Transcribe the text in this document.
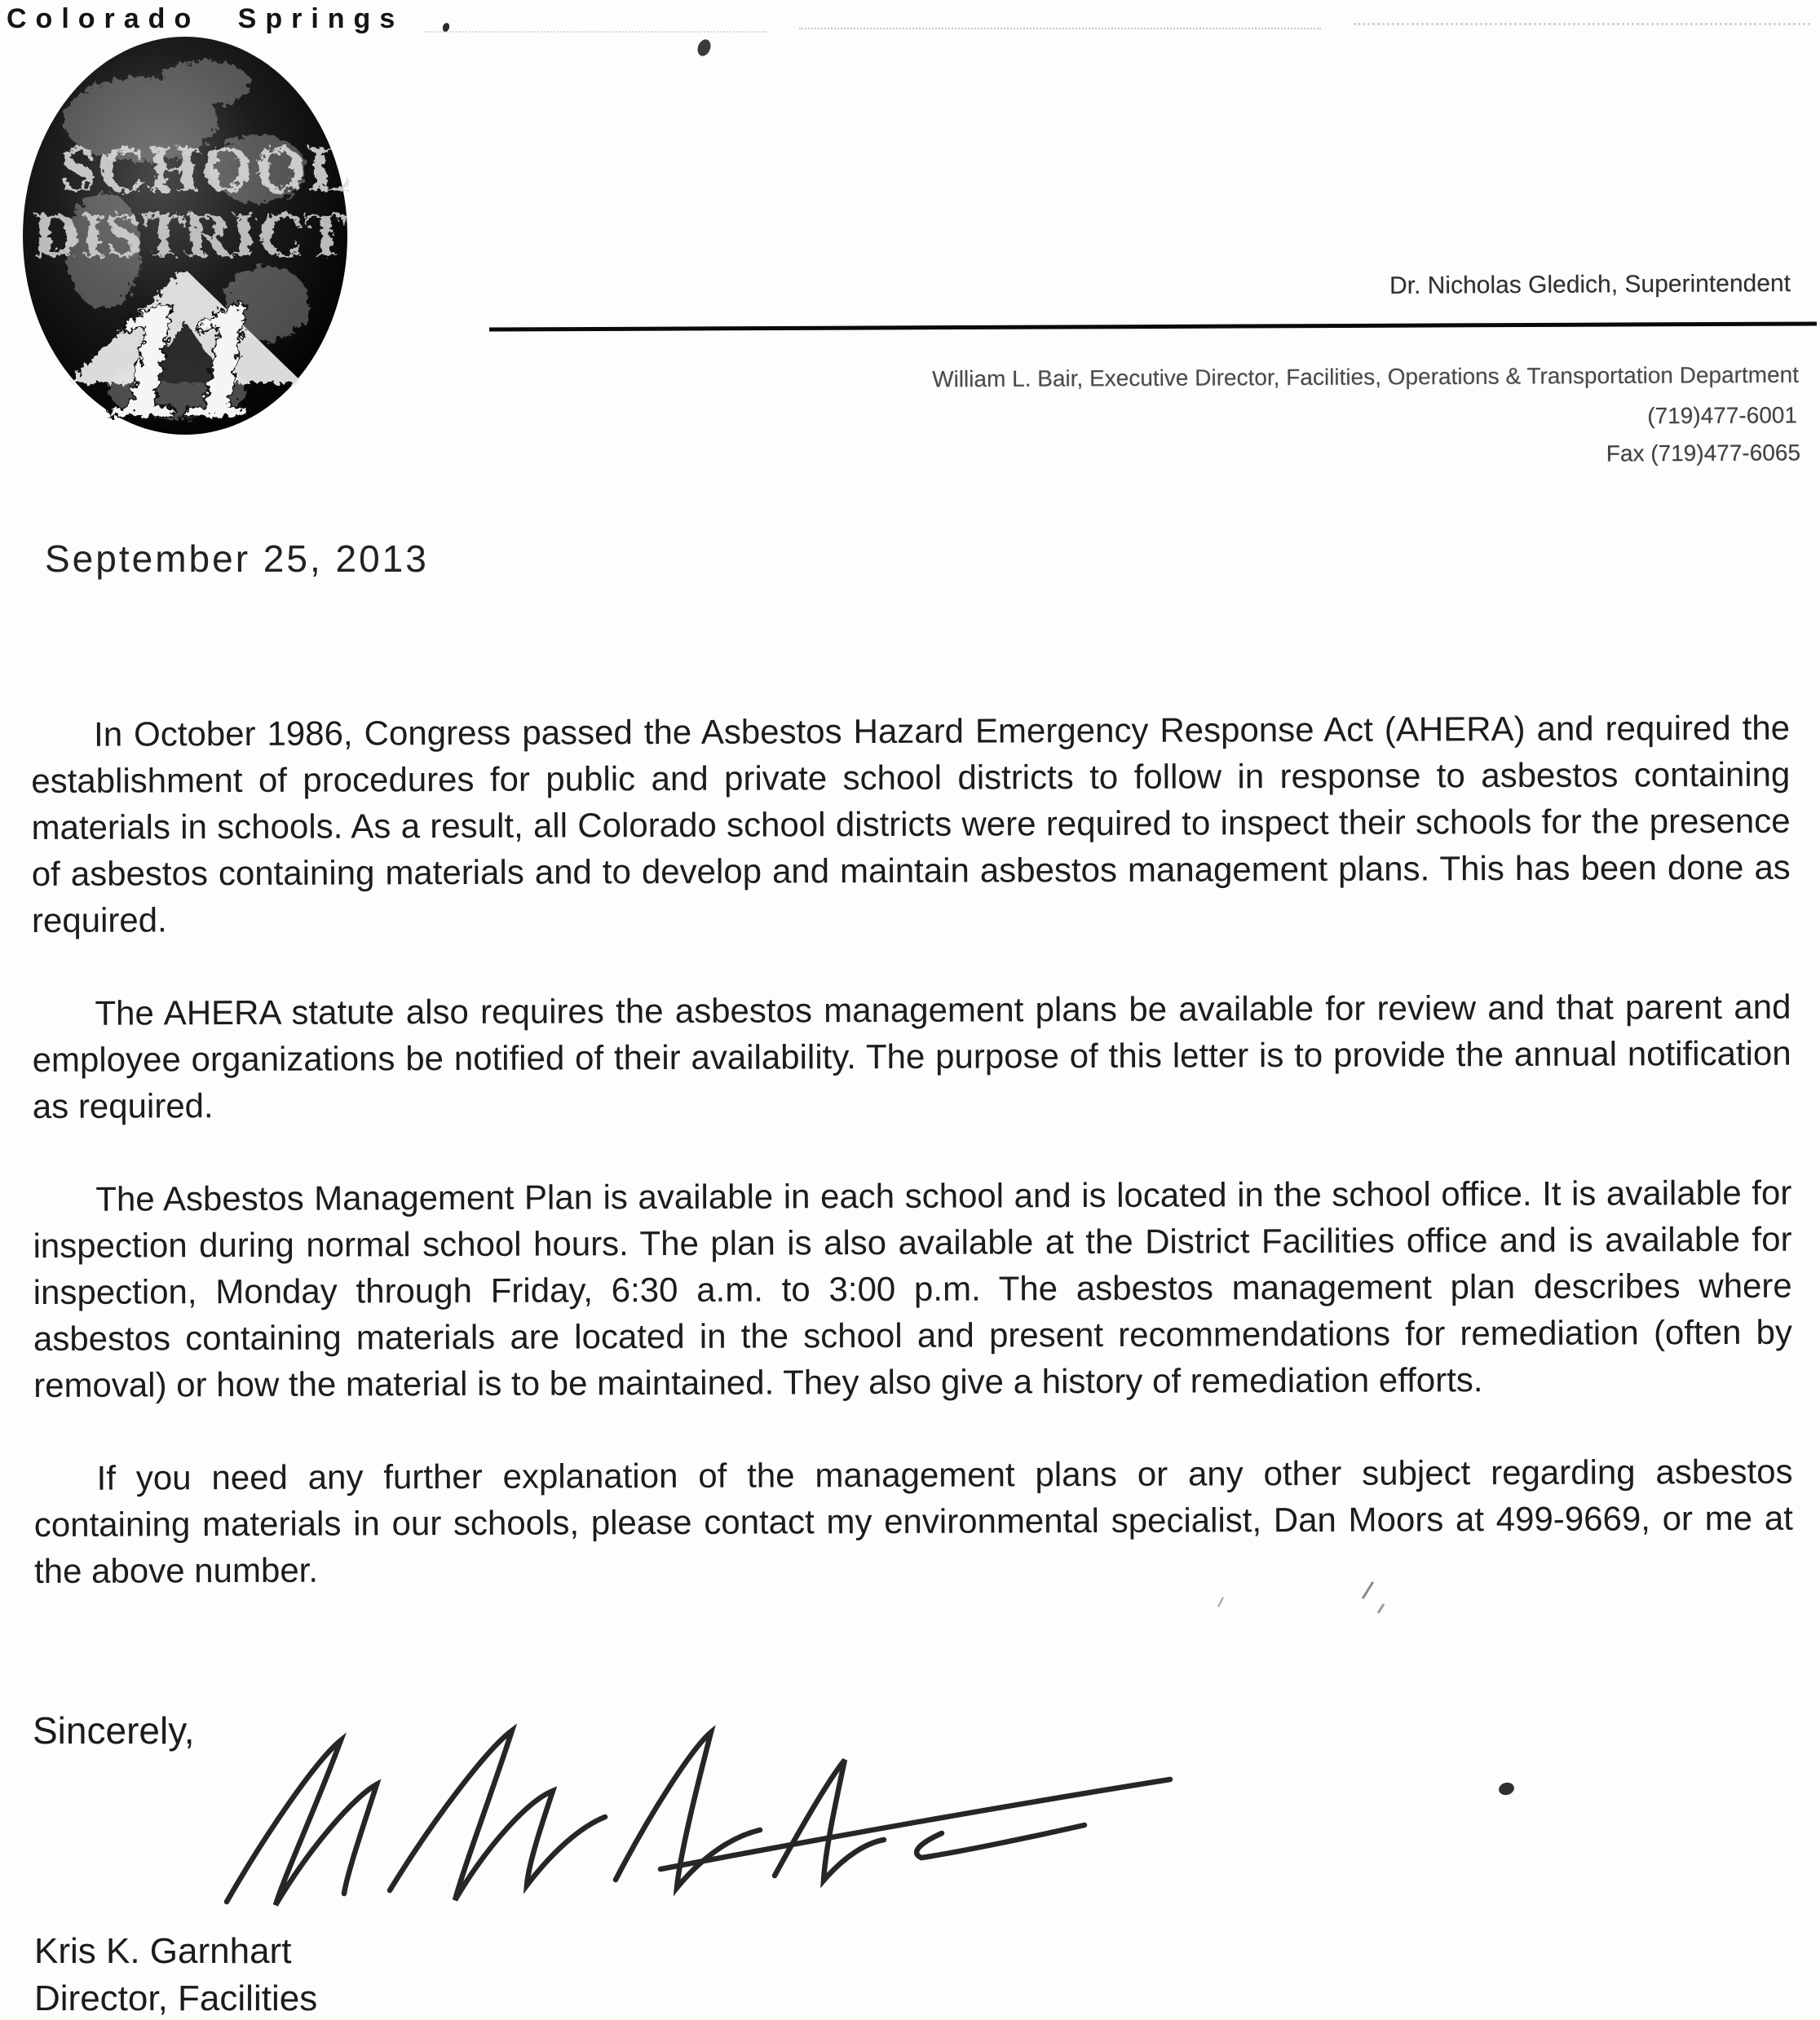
Colorado Springs
11
SCHOOL
DISTRICT
Dr. Nicholas Gledich, Superintendent
William L. Bair, Executive Director, Facilities, Operations & Transportation Department
(719)477-6001
Fax (719)477-6065
September 25, 2013

In October 1986, Congress passed the Asbestos Hazard Emergency Response Act (AHERA) and required the establishment of procedures for public and private school districts to follow in response to asbestos containing materials in schools. As a result, all Colorado school districts were required to inspect their schools for the presence of asbestos containing materials and to develop and maintain asbestos management plans. This has been done as required.

The AHERA statute also requires the asbestos management plans be available for review and that parent and employee organizations be notified of their availability. The purpose of this letter is to provide the annual notification as required.

The Asbestos Management Plan is available in each school and is located in the school office. It is available for inspection during normal school hours. The plan is also available at the District Facilities office and is available for inspection, Monday through Friday, 6:30 a.m. to 3:00 p.m. The asbestos management plan describes where asbestos containing materials are located in the school and present recommendations for remediation (often by removal) or how the material is to be maintained. They also give a history of remediation efforts.

If you need any further explanation of the management plans or any other subject regarding asbestos containing materials in our schools, please contact my environmental specialist, Dan Moors at 499-9669, or me at the above number.

Sincerely,
Kris K. Garnhart
Director, Facilities
